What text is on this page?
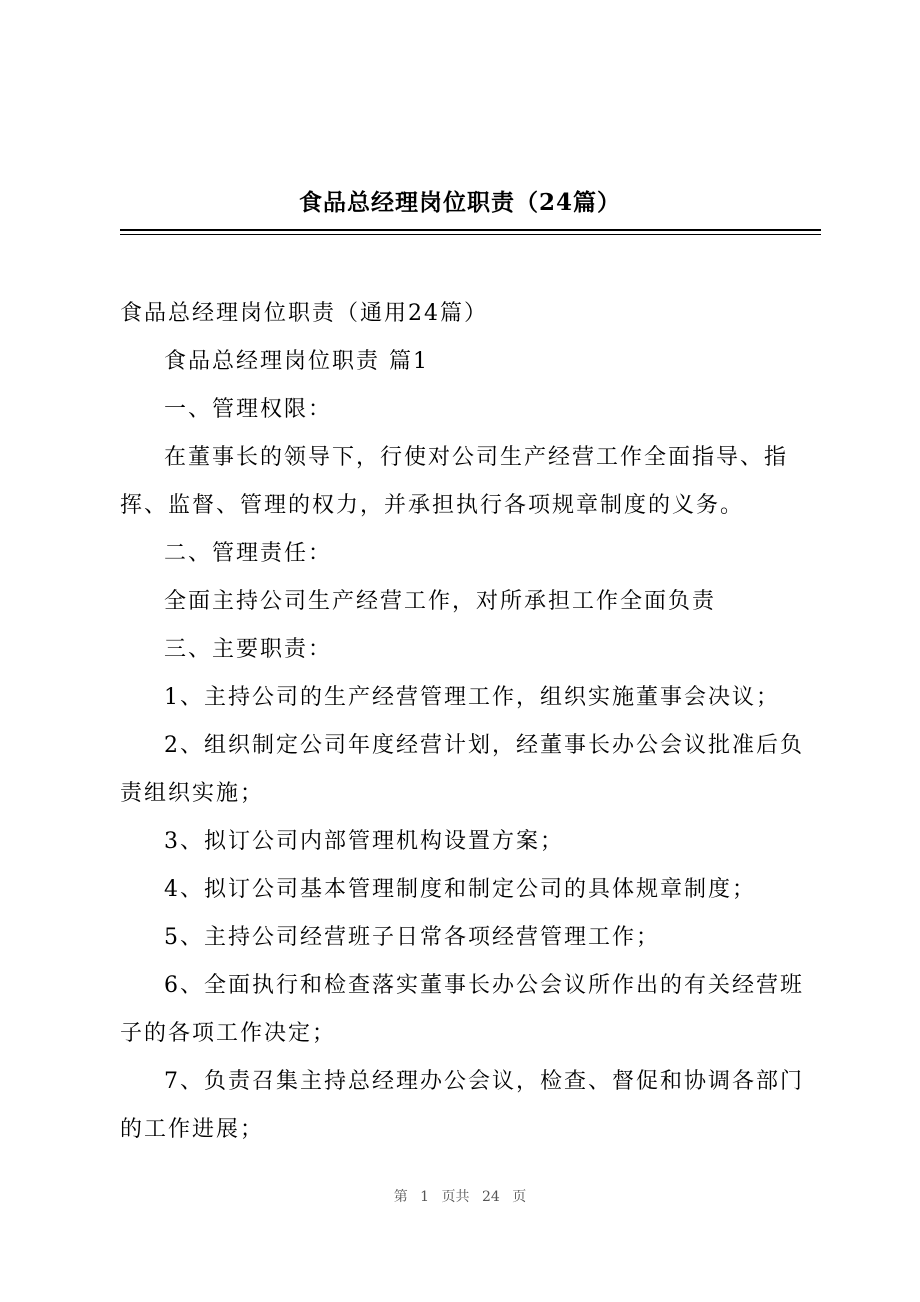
食品总经理岗位职责（24篇）

食品总经理岗位职责（通用24篇）

食品总经理岗位职责 篇1

一、管理权限：

在董事长的领导下，行使对公司生产经营工作全面指导、指挥、监督、管理的权力，并承担执行各项规章制度的义务。

二、管理责任：

全面主持公司生产经营工作，对所承担工作全面负责

三、主要职责：

1、主持公司的生产经营管理工作，组织实施董事会决议；

2、组织制定公司年度经营计划，经董事长办公会议批准后负责组织实施；

3、拟订公司内部管理机构设置方案；

4、拟订公司基本管理制度和制定公司的具体规章制度；

5、主持公司经营班子日常各项经营管理工作；

6、全面执行和检查落实董事长办公会议所作出的有关经营班子的各项工作决定；

7、负责召集主持总经理办公会议，检查、督促和协调各部门的工作进展；

第 1 页共 24 页
